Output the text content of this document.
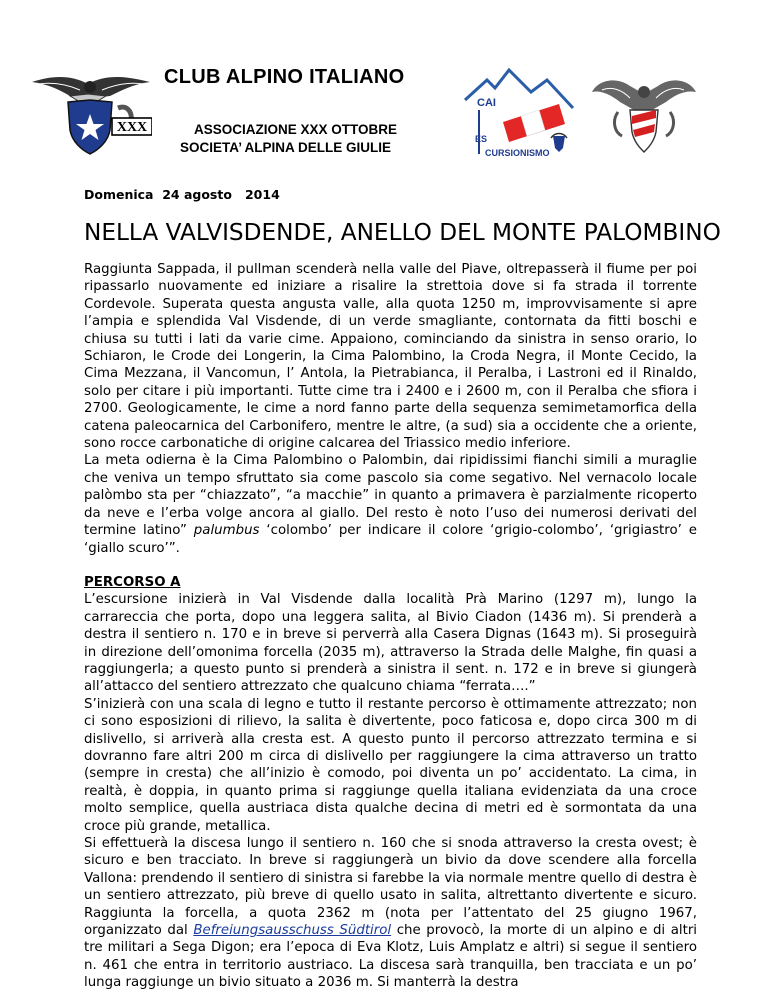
XXX
CLUB ALPINO ITALIANO
ASSOCIAZIONE XXX OTTOBRE
SOCIETA’ ALPINA DELLE GIULIE
CAI
ES
CURSIONISMO
Domenica  24 agosto   2014
NELLA VALVISDENDE, ANELLO DEL MONTE PALOMBINO

Raggiunta Sappada, il pullman scenderà nella valle del Piave, oltrepasserà il fiume per poi ripassarlo nuovamente ed iniziare a risalire la strettoia dove si fa strada il torrente Cordevole. Superata questa angusta valle, alla quota 1250 m, improvvisamente si apre l’ampia e splendida Val Visdende, di un verde smagliante, contornata da fitti boschi e chiusa su tutti i lati da varie cime. Appaiono, cominciando da sinistra in senso orario, lo Schiaron, le Crode dei Longerin, la Cima Palombino, la Croda Negra, il Monte Cecido, la Cima Mezzana, il Vancomun, l’ Antola, la Pietrabianca, il Peralba, i Lastroni ed il Rinaldo, solo per citare i più importanti. Tutte cime tra i 2400 e i 2600 m, con il Peralba che sfiora i 2700. Geologicamente, le cime a nord fanno parte della sequenza semimetamorfica della catena paleocarnica del Carbonifero, mentre le altre, (a sud) sia a occidente che a oriente, sono rocce carbonatiche di origine calcarea del Triassico medio inferiore.

La meta odierna è la Cima Palombino o Palombin, dai ripidissimi fianchi simili a muraglie che veniva un tempo sfruttato sia come pascolo sia come segativo. Nel vernacolo locale palòmbo sta per “chiazzato”, “a macchie” in quanto a primavera è parzialmente ricoperto da neve e l’erba volge ancora al giallo. Del resto è noto l’uso dei numerosi derivati del termine latino” palumbus ‘colombo’ per indicare il colore ‘grigio-colombo’, ‘grigiastro’ e ‘giallo scuro’”.

PERCORSO A

L’escursione inizierà in Val Visdende dalla località Prà Marino (1297 m), lungo la carrareccia che porta, dopo una leggera salita, al Bivio Ciadon (1436 m). Si prenderà a destra il sentiero n. 170 e in breve si perverrà alla Casera Dignas (1643 m). Si proseguirà in direzione dell’omonima forcella (2035 m), attraverso la Strada delle Malghe, fin quasi a raggiungerla; a questo punto si prenderà a sinistra il sent. n. 172 e in breve si giungerà all’attacco del sentiero attrezzato che qualcuno chiama “ferrata….”

S’inizierà con una scala di legno e tutto il restante percorso è ottimamente attrezzato; non ci sono esposizioni di rilievo, la salita è divertente, poco faticosa e, dopo circa 300 m di dislivello, si arriverà alla cresta est. A questo punto il percorso attrezzato termina e si dovranno fare altri 200 m circa di dislivello per raggiungere la cima attraverso un tratto (sempre in cresta) che all’inizio è comodo, poi diventa un po’ accidentato. La cima, in realtà, è doppia, in quanto prima si raggiunge quella italiana evidenziata da una croce molto semplice, quella austriaca dista qualche decina di metri ed è sormontata da una croce più grande, metallica.

Si effettuerà la discesa lungo il sentiero n. 160 che si snoda attraverso la cresta ovest; è sicuro e ben tracciato. In breve si raggiungerà un bivio da dove scendere alla forcella Vallona: prendendo il sentiero di sinistra si farebbe la via normale mentre quello di destra è un sentiero attrezzato, più breve di quello usato in salita, altrettanto divertente e sicuro. Raggiunta la forcella, a quota 2362 m (nota per l’attentato del 25 giugno 1967, organizzato dal Befreiungsausschuss Südtirol che provocò, la morte di un alpino e di altri tre militari a Sega Digon; era l’epoca di Eva Klotz, Luis Amplatz e altri) si segue il sentiero n. 461 che entra in territorio austriaco. La discesa sarà tranquilla, ben tracciata e un po’ lunga raggiunge un bivio situato a 2036 m. Si manterrà la destra
